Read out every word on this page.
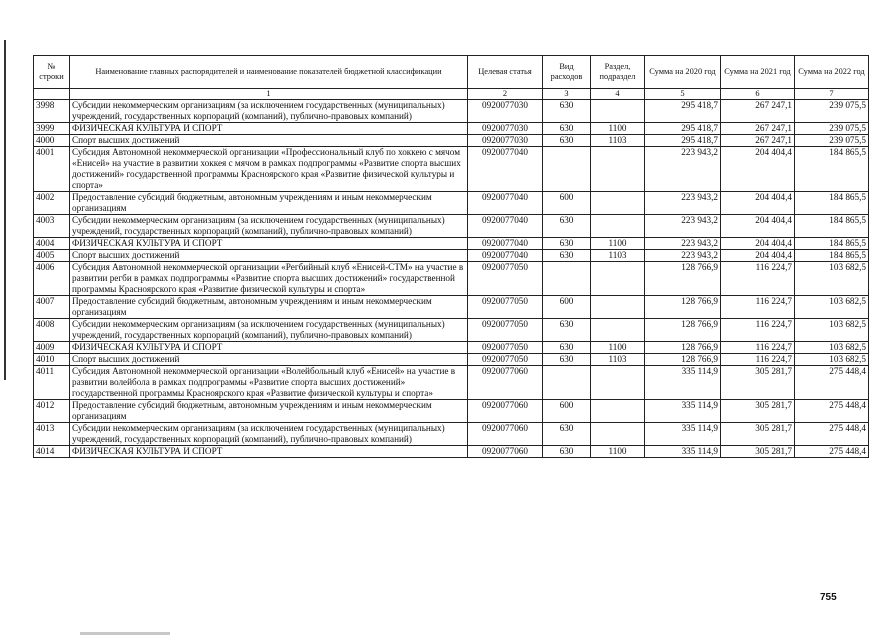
№ строки	Наименование главных распорядителей и наименование показателей бюджетной классификации	Целевая статья	Вид расходов	Раздел, подраздел	Сумма на 2020 год	Сумма на 2021 год	Сумма на 2022 год
	1	2	3	4	5	6	7
3998	Субсидии некоммерческим организациям (за исключением государственных (муниципальных) учреждений, государственных корпораций (компаний), публично-правовых компаний)	0920077030	630		295 418,7	267 247,1	239 075,5
3999	ФИЗИЧЕСКАЯ КУЛЬТУРА И СПОРТ	0920077030	630	1100	295 418,7	267 247,1	239 075,5
4000	Спорт высших достижений	0920077030	630	1103	295 418,7	267 247,1	239 075,5
4001	Субсидия Автономной некоммерческой организации «Профессиональный клуб по хоккею с мячом «Енисей» на участие в развитии хоккея с мячом в рамках подпрограммы «Развитие спорта высших достижений» государственной программы Красноярского края «Развитие физической культуры и спорта»	0920077040			223 943,2	204 404,4	184 865,5
4002	Предоставление субсидий бюджетным, автономным учреждениям и иным некоммерческим организациям	0920077040	600		223 943,2	204 404,4	184 865,5
4003	Субсидии некоммерческим организациям (за исключением государственных (муниципальных) учреждений, государственных корпораций (компаний), публично-правовых компаний)	0920077040	630		223 943,2	204 404,4	184 865,5
4004	ФИЗИЧЕСКАЯ КУЛЬТУРА И СПОРТ	0920077040	630	1100	223 943,2	204 404,4	184 865,5
4005	Спорт высших достижений	0920077040	630	1103	223 943,2	204 404,4	184 865,5
4006	Субсидия Автономной некоммерческой организации «Регбийный клуб «Енисей-СТМ» на участие в развитии регби в рамках подпрограммы «Развитие спорта высших достижений» государственной программы Красноярского края «Развитие физической культуры и спорта»	0920077050			128 766,9	116 224,7	103 682,5
4007	Предоставление субсидий бюджетным, автономным учреждениям и иным некоммерческим организациям	0920077050	600		128 766,9	116 224,7	103 682,5
4008	Субсидии некоммерческим организациям (за исключением государственных (муниципальных) учреждений, государственных корпораций (компаний), публично-правовых компаний)	0920077050	630		128 766,9	116 224,7	103 682,5
4009	ФИЗИЧЕСКАЯ КУЛЬТУРА И СПОРТ	0920077050	630	1100	128 766,9	116 224,7	103 682,5
4010	Спорт высших достижений	0920077050	630	1103	128 766,9	116 224,7	103 682,5
4011	Субсидия Автономной некоммерческой организации «Волейбольный клуб «Енисей» на участие в развитии волейбола в рамках подпрограммы «Развитие спорта высших достижений» государственной программы Красноярского края «Развитие физической культуры и спорта»	0920077060			335 114,9	305 281,7	275 448,4
4012	Предоставление субсидий бюджетным, автономным учреждениям и иным некоммерческим организациям	0920077060	600		335 114,9	305 281,7	275 448,4
4013	Субсидии некоммерческим организациям (за исключением государственных (муниципальных) учреждений, государственных корпораций (компаний), публично-правовых компаний)	0920077060	630		335 114,9	305 281,7	275 448,4
4014	ФИЗИЧЕСКАЯ КУЛЬТУРА И СПОРТ	0920077060	630	1100	335 114,9	305 281,7	275 448,4
755
